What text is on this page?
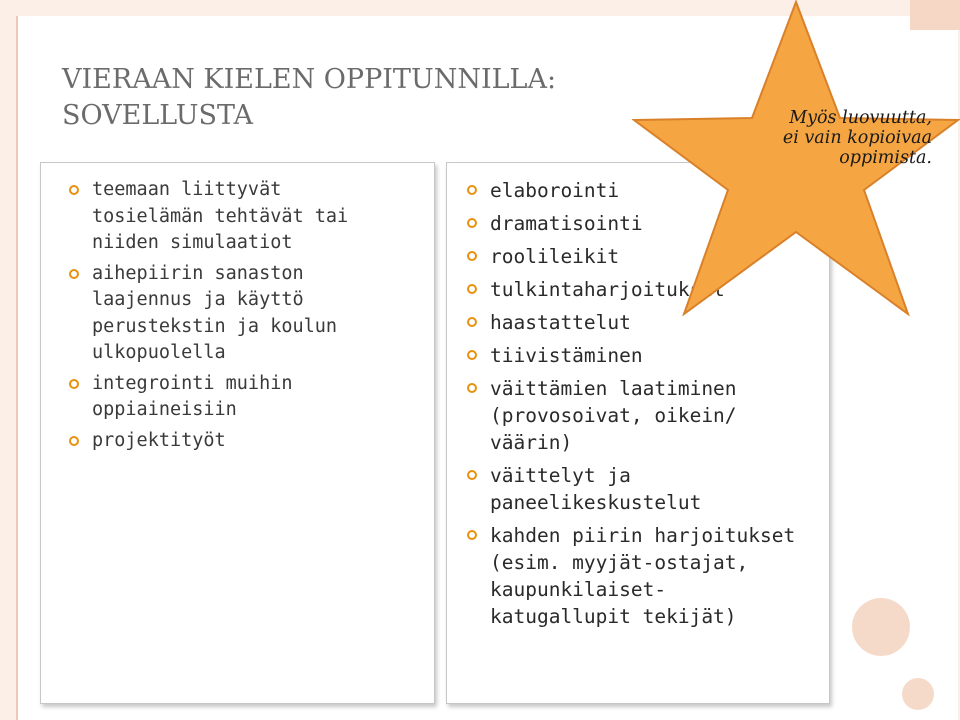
VIERAAN KIELEN OPPITUNNILLA:
SOVELLUSTA
teemaan liittyvät
tosielämän tehtävät tai
niiden simulaatiot
aihepiirin sanaston
laajennus ja käyttö
perustekstin ja koulun
ulkopuolella
integrointi muihin
oppiaineisiin
projektityöt
elaborointi
dramatisointi
roolileikit
tulkintaharjoitukset
haastattelut
tiivistäminen
väittämien laatiminen
(provosoivat, oikein/
väärin)
väittelyt ja
paneelikeskustelut
kahden piirin harjoitukset
(esim. myyjät-ostajat,
kaupunkilaiset-
katugallupit tekijät)
Myös luovuutta,
ei vain kopioivaa
oppimista.
